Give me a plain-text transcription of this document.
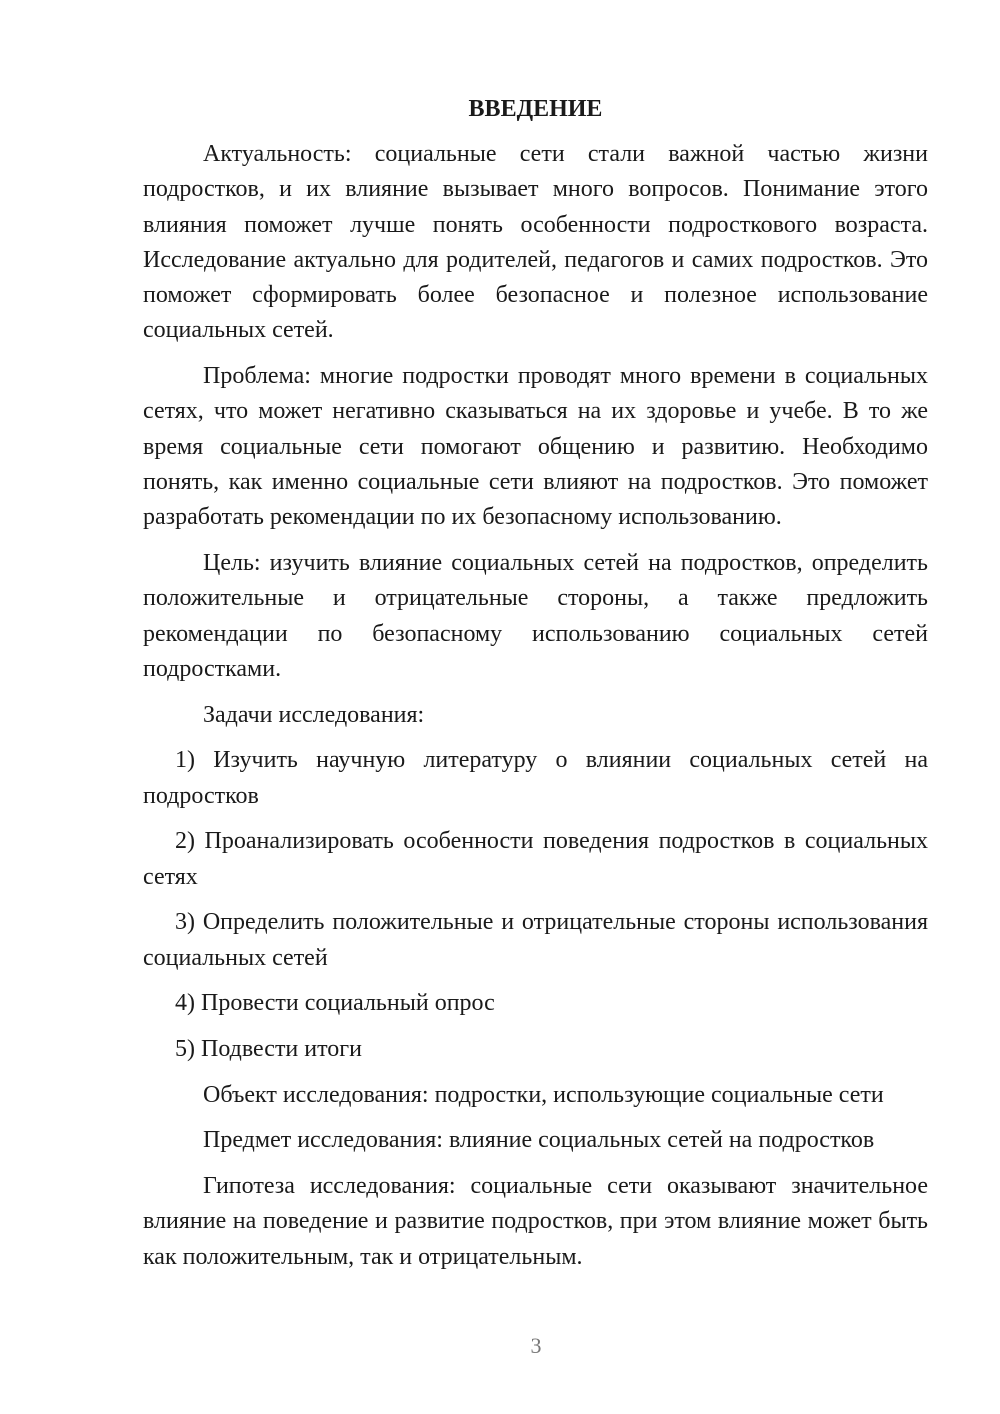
ВВЕДЕНИЕ

Актуальность: социальные сети стали важной частью жизни подростков, и их влияние вызывает много вопросов. Понимание этого влияния поможет лучше понять особенности подросткового возраста. Исследование актуально для родителей, педагогов и самих подростков. Это поможет сформировать более безопасное и полезное использование социальных сетей.

Проблема: многие подростки проводят много времени в социальных сетях, что может негативно сказываться на их здоровье и учебе. В то же время социальные сети помогают общению и развитию. Необходимо понять, как именно социальные сети влияют на подростков. Это поможет разработать рекомендации по их безопасному использованию.

Цель: изучить влияние социальных сетей на подростков, определить положительные и отрицательные стороны, а также предложить рекомендации по безопасному использованию социальных сетей подростками.

Задачи исследования:

1) Изучить научную литературу о влиянии социальных сетей на подростков

2) Проанализировать особенности поведения подростков в социальных сетях

3) Определить положительные и отрицательные стороны использования социальных сетей

4) Провести социальный опрос

5) Подвести итоги

Объект исследования: подростки, использующие социальные сети

Предмет исследования: влияние социальных сетей на подростков

Гипотеза исследования: социальные сети оказывают значительное влияние на поведение и развитие подростков, при этом влияние может быть как положительным, так и отрицательным.

3
